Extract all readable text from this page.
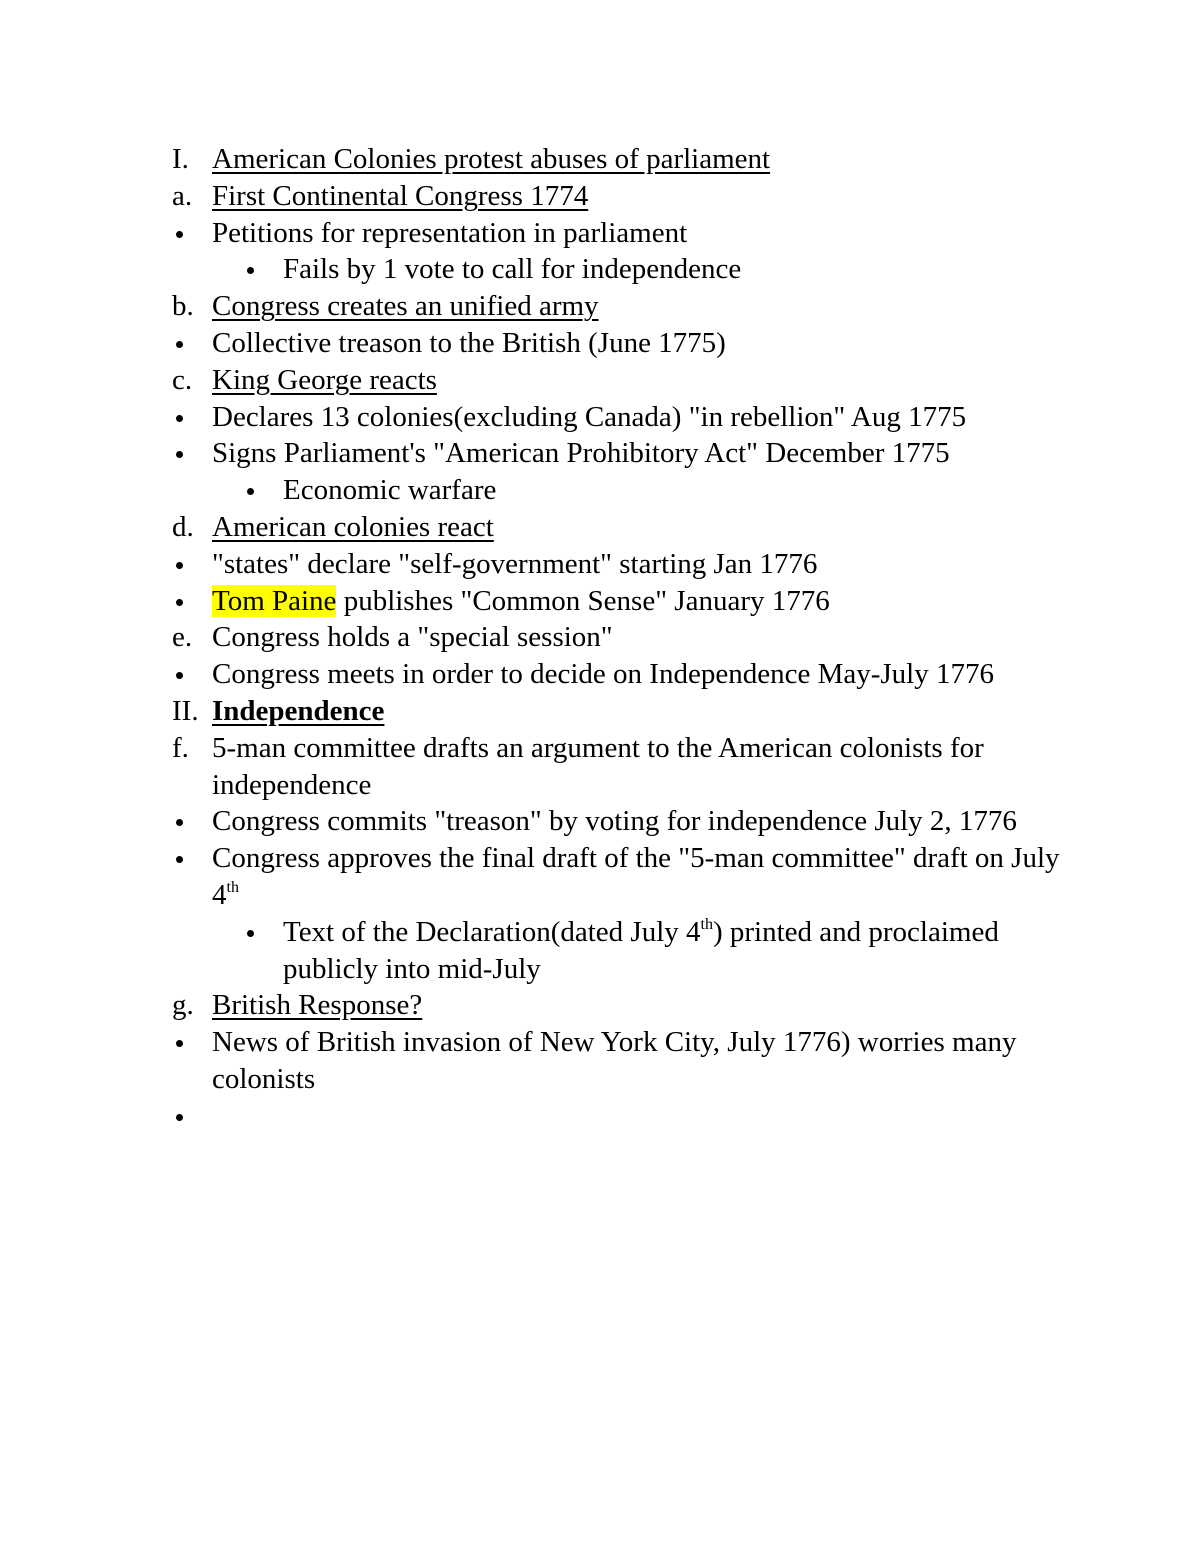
I. American Colonies protest abuses of parliament
a. First Continental Congress 1774
Petitions for representation in parliament
Fails by 1 vote to call for independence
b. Congress creates an unified army
Collective treason to the British (June 1775)
c. King George reacts
Declares 13 colonies(excluding Canada) "in rebellion" Aug 1775
Signs Parliament's "American Prohibitory Act" December 1775
Economic warfare
d. American colonies react
"states" declare "self-government" starting Jan 1776
Tom Paine publishes "Common Sense" January 1776
e. Congress holds a "special session"
Congress meets in order to decide on Independence May-July 1776
II. Independence
f. 5-man committee drafts an argument to the American colonists for independence
Congress commits "treason" by voting for independence July 2, 1776
Congress approves the final draft of the "5-man committee" draft on July 4th
Text of the Declaration(dated July 4th) printed and proclaimed publicly into mid-July
g. British Response?
News of British invasion of New York City, July 1776) worries many colonists
